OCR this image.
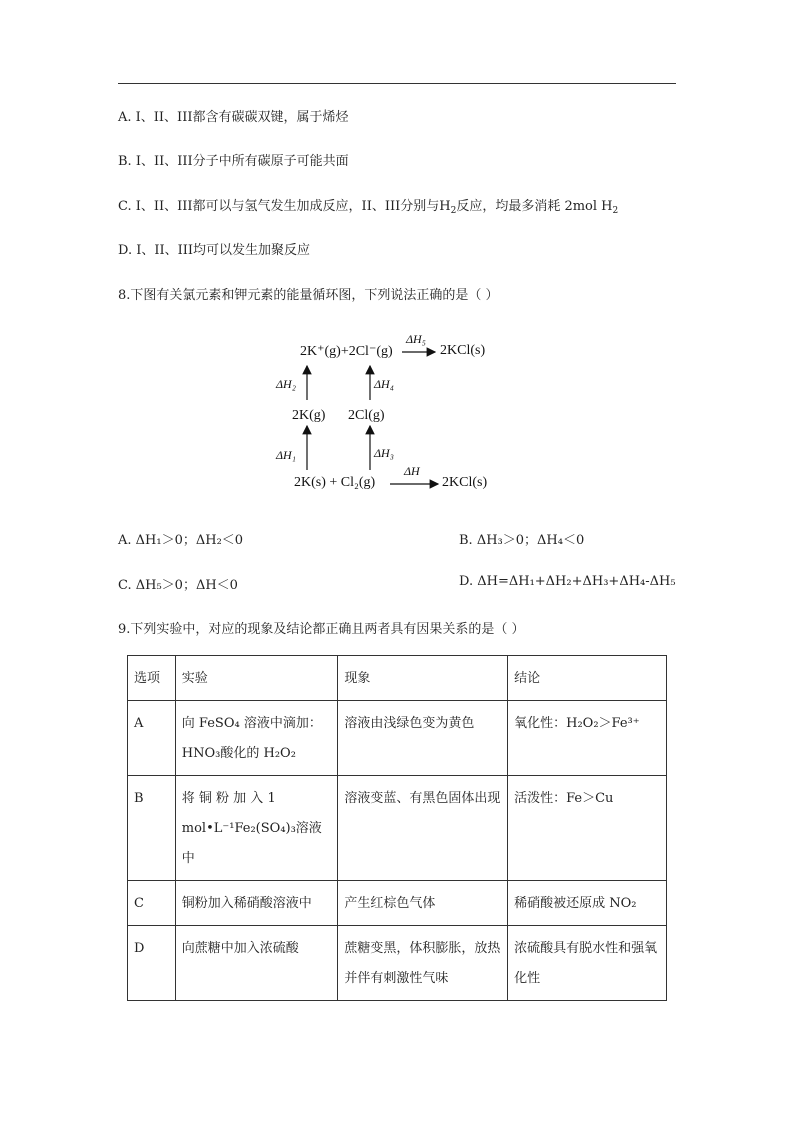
A. I、II、III都含有碳碳双键，属于烯烃
B. I、II、III分子中所有碳原子可能共面
C. I、II、III都可以与氢气发生加成反应，II、III分别与$H_2$反应，均最多消耗 2mol $H_2$
D. I、II、III均可以发生加聚反应
8.下图有关氯元素和钾元素的能量循环图，下列说法正确的是（ ）
2K⁺(g)+2Cl⁻(g)	2KCl(s)
ΔH₅
ΔH₂	ΔH₄
2K(g) 2Cl(g)
ΔH₁	ΔH₃
2K(s) + Cl₂(g)	2KCl(s)
ΔH
A. ΔH₁＞0；ΔH₂＜0	B. ΔH₃＞0；ΔH₄＜0
C. ΔH₅＞0；ΔH＜0	D. ΔH=ΔH₁+ΔH₂+ΔH₃+ΔH₄-ΔH₅
9.下列实验中，对应的现象及结论都正确且两者具有因果关系的是（ ）
选项	实验	现象	结论
A	向 FeSO₄ 溶液中滴加：HNO₃酸化的 H₂O₂	溶液由浅绿色变为黄色	氧化性：H₂O₂＞Fe³⁺
B	将 铜 粉 加 入 1 mol•L⁻¹Fe₂(SO₄)₃溶液中	溶液变蓝、有黑色固体出现	活泼性：Fe＞Cu
C	铜粉加入稀硝酸溶液中	产生红棕色气体	稀硝酸被还原成 NO₂
D	向蔗糖中加入浓硫酸	蔗糖变黑，体积膨胀，放热并伴有刺激性气味	浓硫酸具有脱水性和强氧化性
